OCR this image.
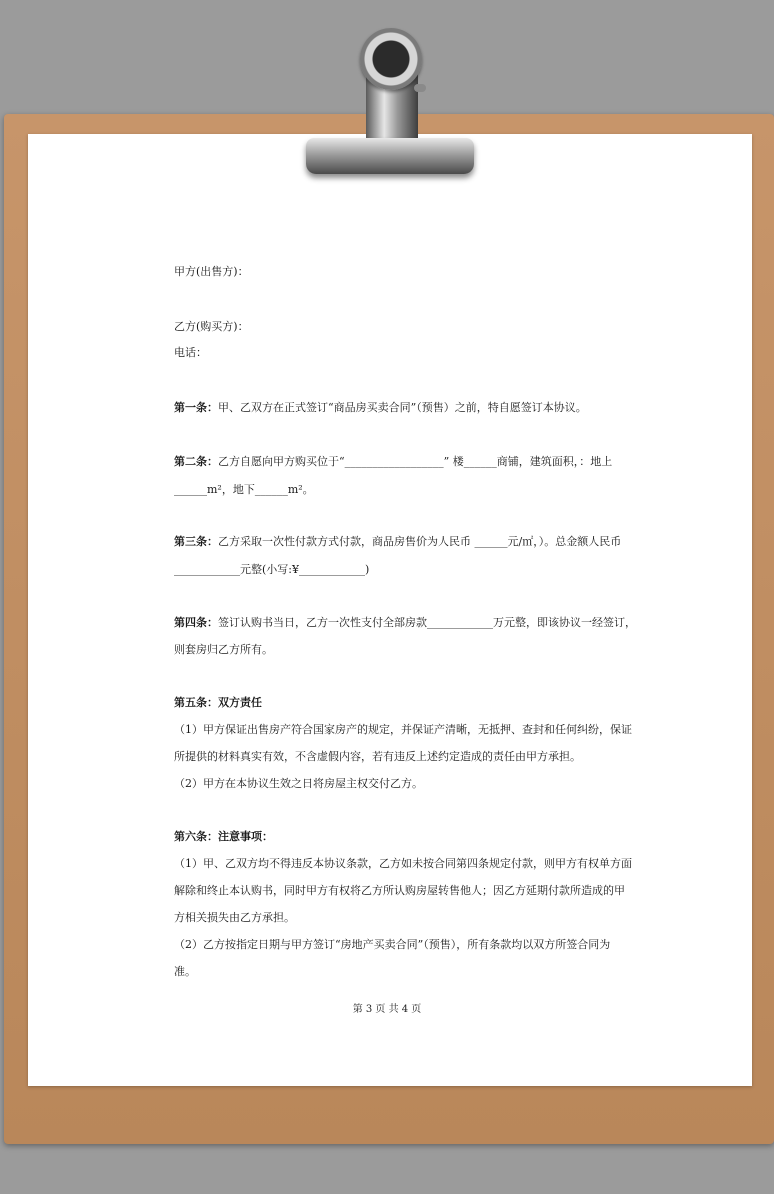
甲方(出售方)：
乙方(购买方)：
电话：
第一条：甲、乙双方在正式签订“商品房买卖合同”（预售）之前，特自愿签订本协议。
第二条：乙方自愿向甲方购买位于“__________________” 楼______商铺，建筑面积，：地上
______m²，地下______m²。
第三条：乙方采取一次性付款方式付款，商品房售价为人民币 ______元/㎡，）。总金额人民币
____________元整(小写:¥____________)
第四条：签订认购书当日，乙方一次性支付全部房款____________万元整，即该协议一经签订，
则套房归乙方所有。
第五条：双方责任
（1）甲方保证出售房产符合国家房产的规定，并保证产清晰，无抵押、查封和任何纠纷，保证
所提供的材料真实有效，不含虚假内容，若有违反上述约定造成的责任由甲方承担。
（2）甲方在本协议生效之日将房屋主权交付乙方。
第六条：注意事项：
（1）甲、乙双方均不得违反本协议条款，乙方如未按合同第四条规定付款，则甲方有权单方面
解除和终止本认购书，同时甲方有权将乙方所认购房屋转售他人；因乙方延期付款所造成的甲
方相关损失由乙方承担。
（2）乙方按指定日期与甲方签订“房地产买卖合同”（预售），所有条款均以双方所签合同为
准。
第 3 页 共 4 页
